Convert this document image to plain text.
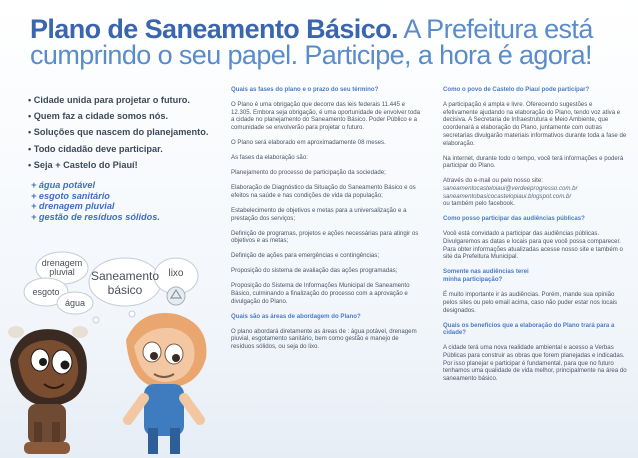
Plano de Saneamento Básico. A Prefeitura está
cumprindo o seu papel. Participe, a hora é agora!
• Cidade unida para projetar o futuro.
• Quem faz a cidade somos nós.
• Soluções que nascem do planejamento.
• Todo cidadão deve participar.
• Seja + Castelo do Piauí!
+ água potável
+ esgoto sanitário
+ drenagem pluvial
+ gestão de resíduos sólidos.
drenagem
pluvial
esgoto
água
Saneamento
básico
lixo

Quais as fases do plano e o prazo do seu término?

O Plano é uma obrigação que decorre das leis federais 11.445 e 12.305. Embora seja obrigação, é uma oportunidade de envolver toda a cidade no planejamento do Saneamento Básico. Poder Público e a comunidade se envolverão para projetar o futuro.

O Plano será elaborado em aproximadamente 08 meses.

As fases da elaboração são:

Planejamento do processo de participação da sociedade;

Elaboração de Diagnóstico da Situação do Saneamento Básico e os efeitos na saúde e nas condições de vida da população;

Estabelecimento de objetivos e metas para a universalização e a prestação dos serviços;

Definição de programas, projetos e ações necessárias para atingir os objetivos e as metas;

Definição de ações para emergências e contingências;

Proposição do sistema de avaliação das ações programadas;

Proposição do Sistema de Informações Municipal de Saneamento Básico, culminando a finalização do processo com a aprovação e divulgação do Plano.

Quais são as áreas de abordagem do Plano?

O plano abordará diretamente as áreas de : água potável, drenagem pluvial, esgotamento sanitário, bem como gestão e manejo de resíduos sólidos, ou seja do lixo.

Como o povo de Castelo do Piauí pode participar?

A participação é ampla e livre. Oferecendo sugestões e efetivamente ajudando na elaboração do Plano, tendo voz ativa e decisiva. A Secretaria de Infraestrutura e Meio Ambiente, que coordenará a elaboração do Plano, juntamente com outras secretarias divulgarão materiais informativos durante toda a fase de elaboração.

Na internet, durante todo o tempo, você terá informações e poderá participar do Plano.

Através do e-mail ou pelo nosso site:

saneamentocasteloiaui@verdeeprogresso.com.br

saneamentobasicocastelopiaui.blogspot.com.br

ou também pelo facebook.

Como posso participar das audiências públicas?

Você está convidado a participar das audiências públicas. Divulgaremos as datas e locais para que você possa comparecer. Para obter informações atualizadas acesse nosso site e também o site da Prefeitura Municipal.

Somente nas audiências terei

minha participação?

É muito importante ir às audiências. Porém, mande sua opinião pelos sites ou pelo email acima, caso não puder estar nos locais designados.

Quais os benefícios que a elaboração do Plano trará para a cidade?

A cidade terá uma nova realidade ambiental e acesso a Verbas Públicas para construir as obras que forem planejadas e indicadas. Por isso planejar e participar é fundamental, para que no futuro tenhamos uma qualidade de vida melhor, principalmente na área do saneamento básico.
